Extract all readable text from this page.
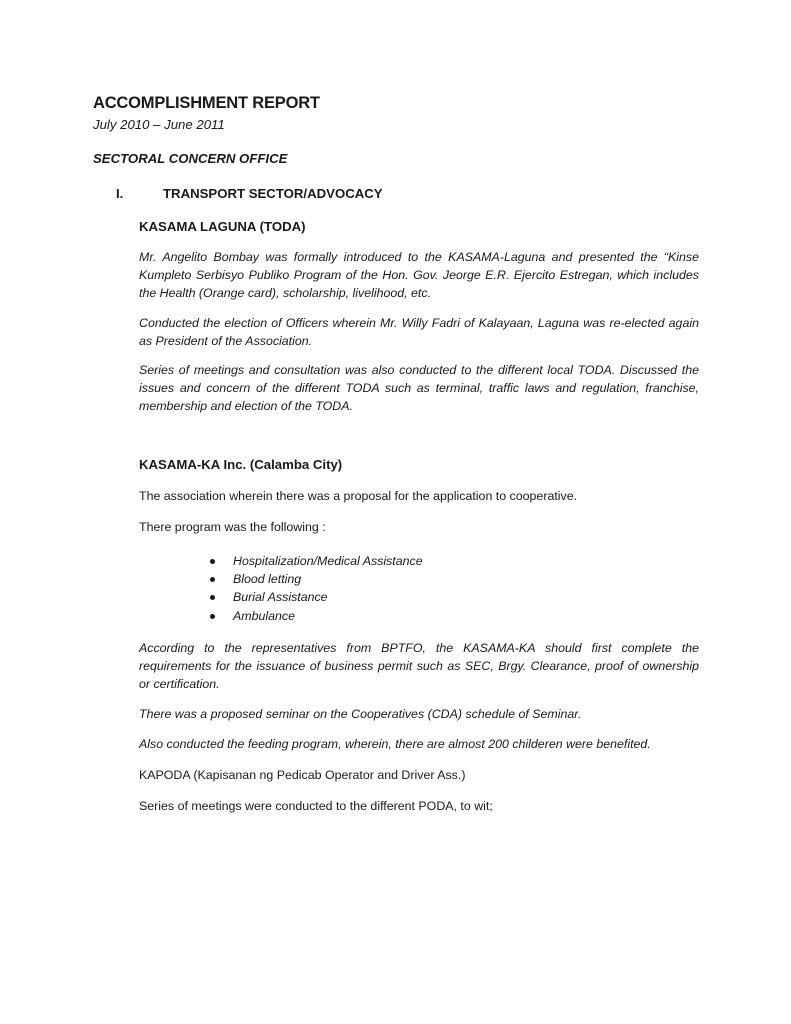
ACCOMPLISHMENT REPORT

July 2010 – June 2011

SECTORAL CONCERN OFFICE

I.	TRANSPORT SECTOR/ADVOCACY

KASAMA LAGUNA (TODA)

Mr. Angelito Bombay was formally introduced to the KASAMA-Laguna and presented the “Kinse Kumpleto Serbisyo Publiko Program of the Hon. Gov. Jeorge E.R. Ejercito Estregan, which includes the Health (Orange card), scholarship, livelihood, etc.

Conducted the election of Officers wherein Mr. Willy Fadri of Kalayaan, Laguna was re-elected again as President of the Association.

Series of meetings and consultation was also conducted to the different local TODA. Discussed the issues and concern of the different TODA such as terminal, traffic laws and regulation, franchise, membership and election of the TODA.

KASAMA-KA Inc. (Calamba City)

The association wherein there was a proposal for the application to cooperative.

There program was the following :

Hospitalization/Medical Assistance
Blood letting
Burial Assistance
Ambulance

According to the representatives from BPTFO, the KASAMA-KA should first complete the requirements for the issuance of business permit such as SEC, Brgy. Clearance, proof of ownership or certification.

There was a proposed seminar on the Cooperatives (CDA) schedule of Seminar.

Also conducted the feeding program, wherein, there are almost 200 childeren were benefited.

KAPODA (Kapisanan ng Pedicab Operator and Driver Ass.)

Series of meetings were conducted to the different PODA, to wit;
